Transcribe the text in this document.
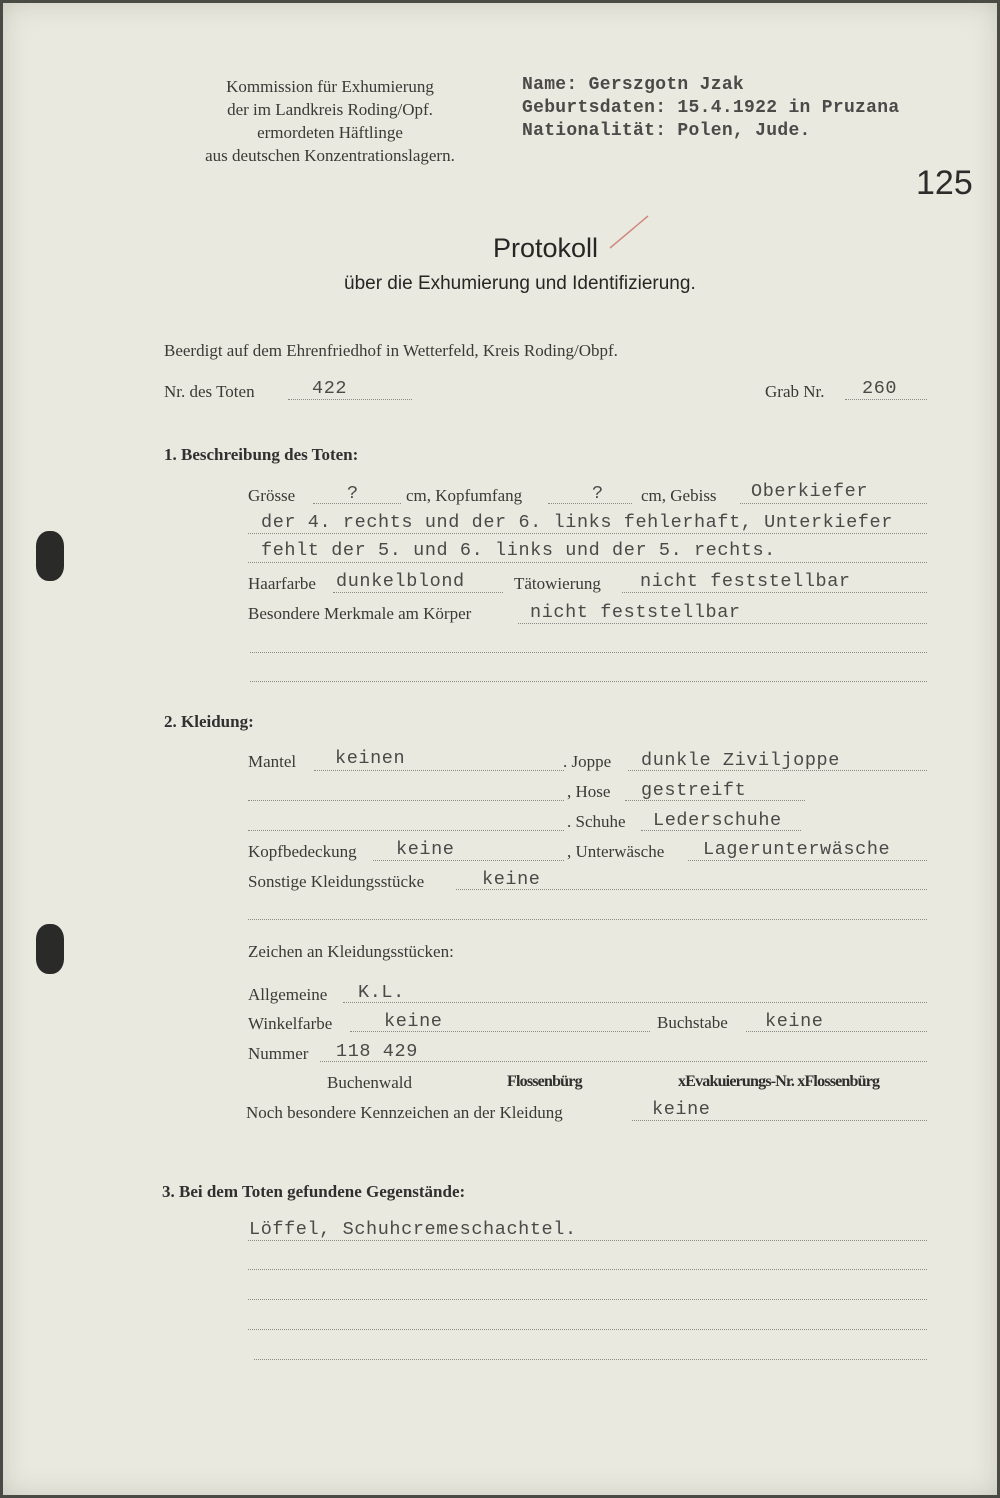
Kommission für Exhumierung
der im Landkreis Roding/Opf.
ermordeten Häftlinge
aus deutschen Konzentrationslagern.
Name: Gerszgotn Jzak
Geburtsdaten: 15.4.1922 in Pruzana
Nationalität: Polen, Jude.
125
Protokoll
über die Exhumierung und Identifizierung.
Beerdigt auf dem Ehrenfriedhof in Wetterfeld, Kreis Roding/Obpf.
Nr. des Toten	422	Grab Nr. 260
1. Beschreibung des Toten:
Grösse	?	cm, Kopfumfang	? cm, Gebiss Oberkiefer
der 4. rechts und der 6. links fehlerhaft, Unterkiefer
fehlt der 5. und 6. links und der 5. rechts.
Haarfarbe dunkelblond	Tätowierung nicht feststellbar
Besondere Merkmale am Körper	nicht feststellbar
2. Kleidung:
Mantel keinen	. Joppe dunkle Ziviljoppe
, Hose gestreift
. Schuhe Lederschuhe
Kopfbedeckung keine	, Unterwäsche Lagerunterwäsche
Sonstige Kleidungsstücke	keine
Zeichen an Kleidungsstücken:
Allgemeine K.L.
Winkelfarbe	keine	Buchstabe keine
Nummer 118 429
Buchenwald	Flossenbürg	xEvakuierungs-Nr. xFlossenbürg
Noch besondere Kennzeichen an der Kleidung	keine
3. Bei dem Toten gefundene Gegenstände:
Löffel, Schuhcremeschachtel.
